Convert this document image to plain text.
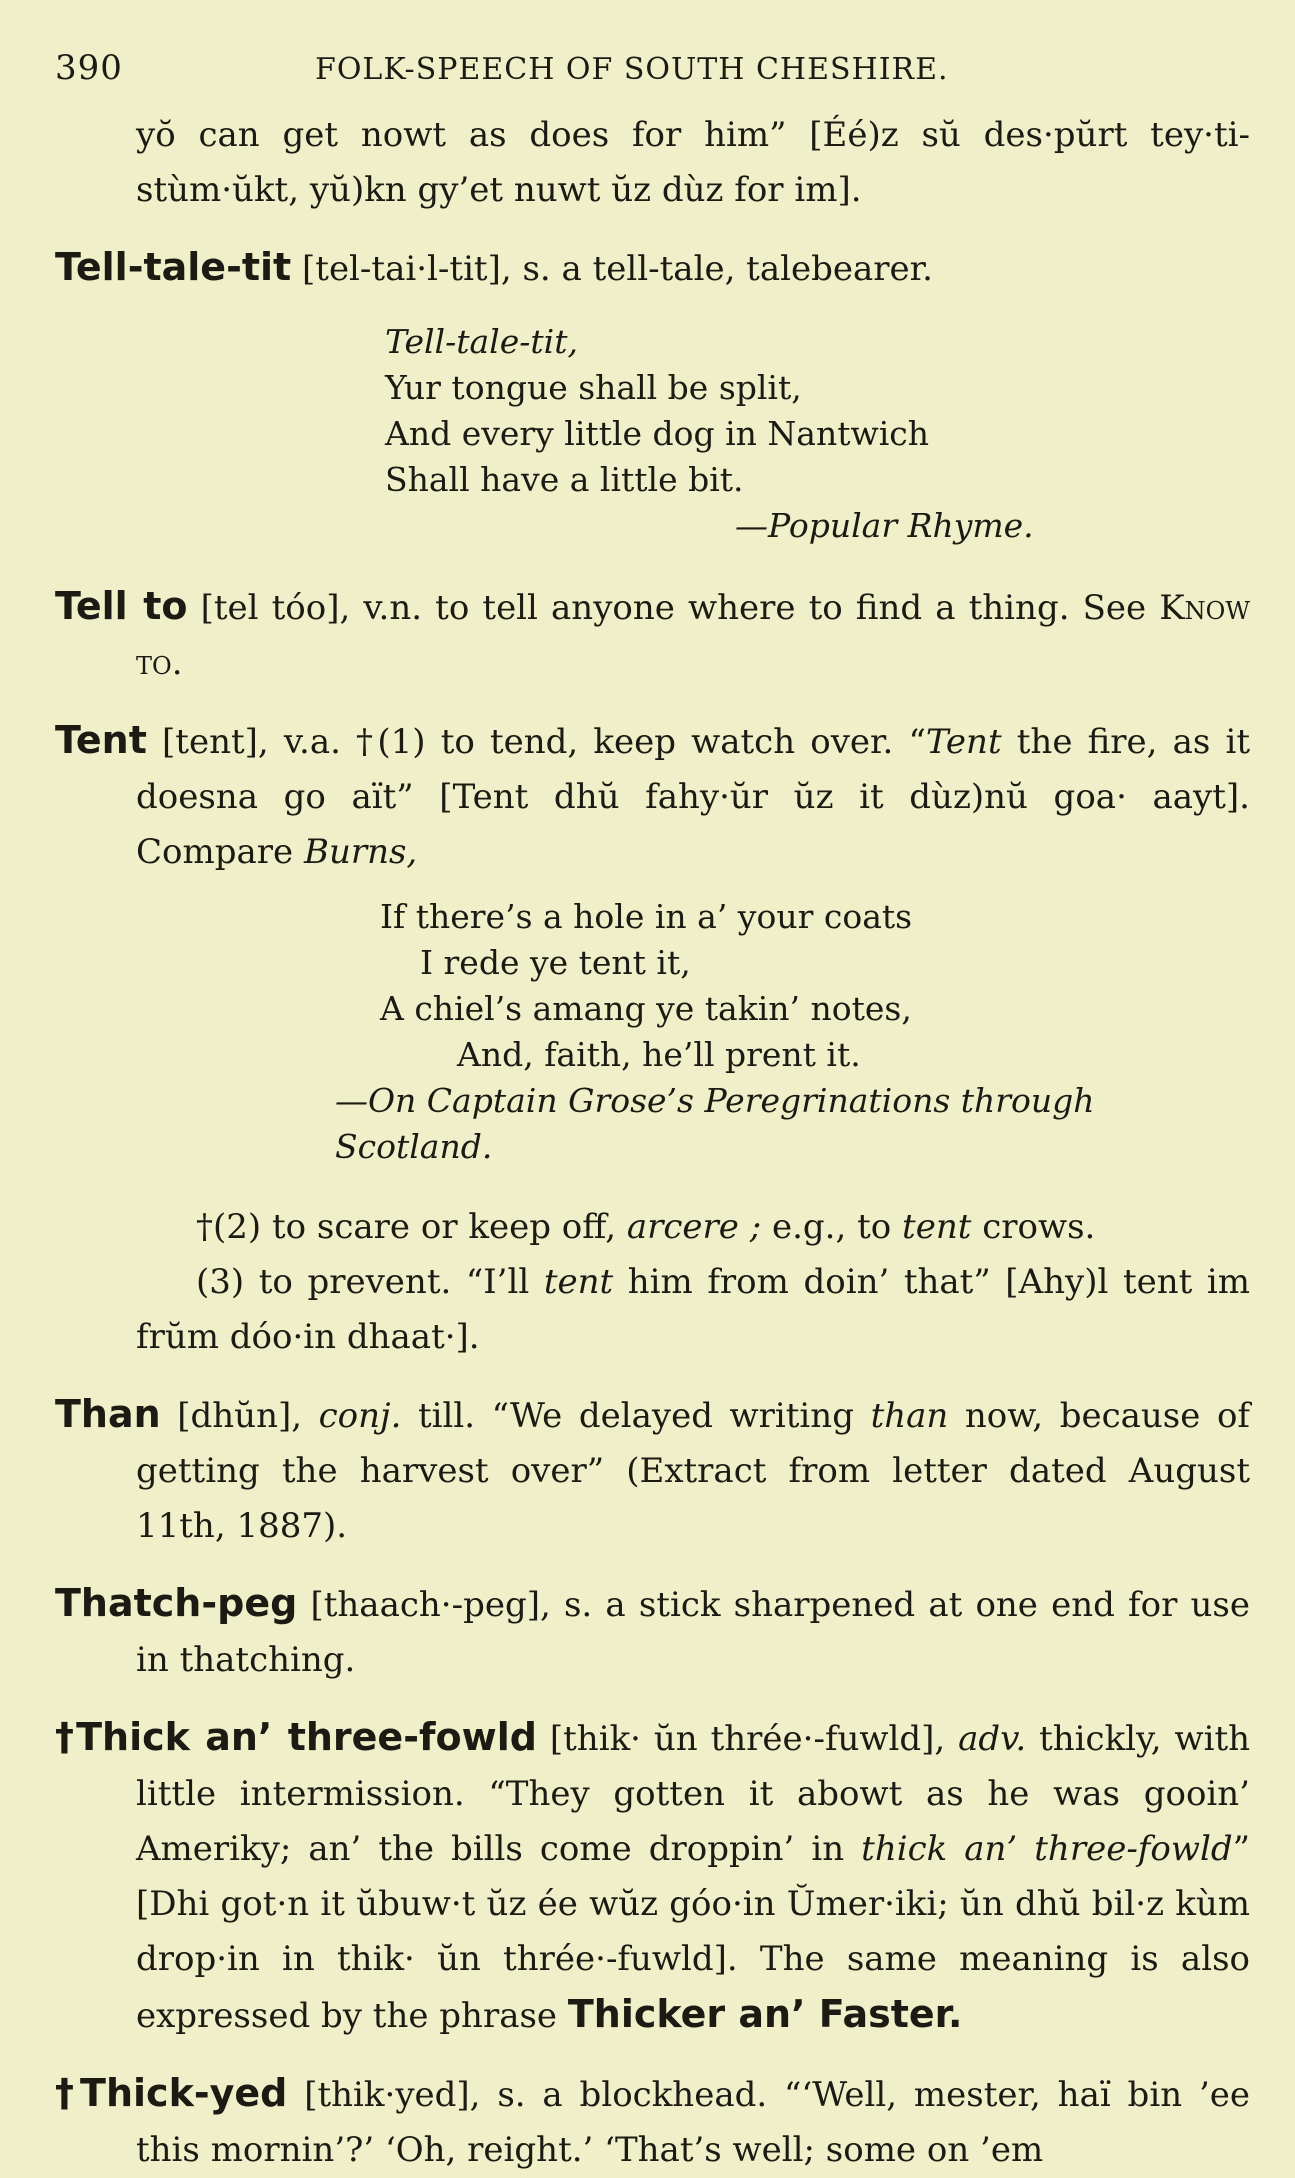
390	FOLK-SPEECH OF SOUTH CHESHIRE.

yŏ can get nowt as does for him” [Éé)z sŭ des·pŭrt tey·ti-stùm·ŭkt, yŭ)kn gy’et nuwt ŭz dùz for im].

Tell-tale-tit [tel-tai·l-tit], s. a tell-tale, talebearer.

Tell-tale-tit,
Yur tongue shall be split,
And every little dog in Nantwich
Shall have a little bit.
—Popular Rhyme.

Tell to [tel tóo], v.n. to tell anyone where to find a thing. See Know to.

Tent [tent], v.a. †(1) to tend, keep watch over. “Tent the fire, as it doesna go aït” [Tent dhŭ fahy·ŭr ŭz it dùz)nŭ goa· aayt]. Compare Burns,

If there’s a hole in a’ your coats
I rede ye tent it,
A chiel’s amang ye takin’ notes,
And, faith, he’ll prent it.
—On Captain Grose’s Peregrinations through Scotland.

†(2) to scare or keep off, arcere ; e.g., to tent crows.

(3) to prevent. “I’ll tent him from doin’ that” [Ahy)l tent im frŭm dóo·in dhaat·].

Than [dhŭn], conj. till. “We delayed writing than now, because of getting the harvest over” (Extract from letter dated August 11th, 1887).

Thatch-peg [thaach·-peg], s. a stick sharpened at one end for use in thatching.

†Thick an’ three-fowld [thik· ŭn thrée·-fuwld], adv. thickly, with little intermission. “They gotten it abowt as he was gooin’ Ameriky; an’ the bills come droppin’ in thick an’ three-fowld” [Dhi got·n it ŭbuw·t ŭz ée wŭz góo·in Ŭmer·iki; ŭn dhŭ bil·z kùm drop·in in thik· ŭn thrée·-fuwld]. The same meaning is also expressed by the phrase Thicker an’ Faster.

†Thick-yed [thik·yed], s. a blockhead. “‘Well, mester, haï bin ’ee this mornin’?’ ‘Oh, reight.’ ‘That’s well; some on ’em
